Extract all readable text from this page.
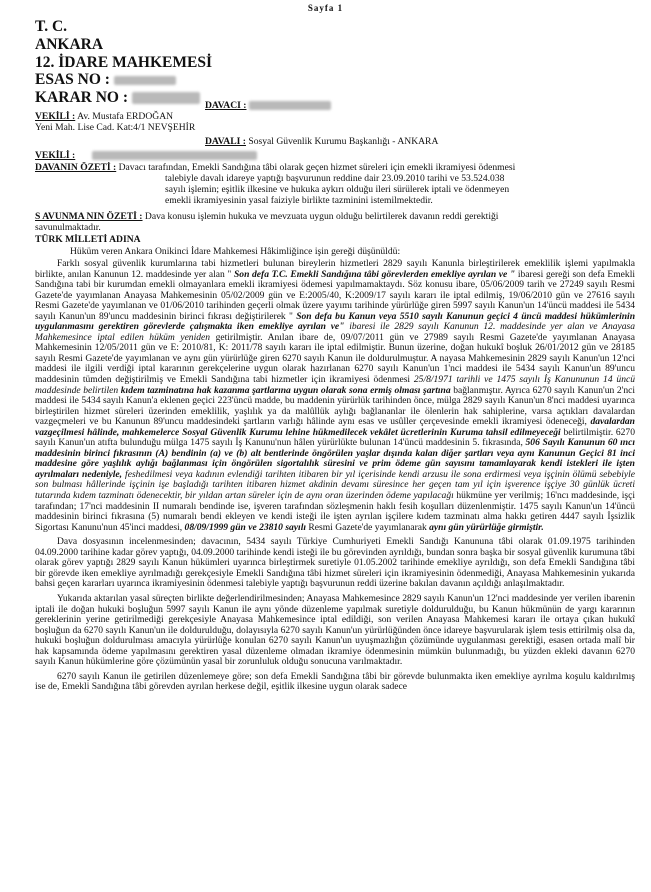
Sayfa 1
T. C.
ANKARA
12. İDARE MAHKEMESİ
ESAS NO :
KARAR NO :	DAVACI :
VEKİLİ : Av. Mustafa ERDOĞAN
Yeni Mah. Lise Cad. Kat:4/1 NEVŞEHİR
DAVALI : Sosyal Güvenlik Kurumu Başkanlığı - ANKARA
VEKİLİ :
DAVANIN ÖZETİ : Davacı tarafından, Emekli Sandığına tâbi olarak geçen hizmet süreleri için emekli ikramiyesi ödenmesi
talebiyle davalı idareye yaptığı başvurunun reddine dair 23.09.2010 tarihi ve 53.524.038
sayılı işlemin; eşitlik ilkesine ve hukuka aykırı olduğu ileri sürülerek iptali ve ödenmeyen
emekli ikramiyesinin yasal faiziyle birlikte tazminini istemilmektedir.
S AVUNMA NIN ÖZETİ : Dava konusu işlemin hukuka ve mevzuata uygun olduğu belirtilerek davanın reddi gerektiği
savunulmaktadır.
TÜRK MİLLETİ ADINA
Hüküm veren Ankara Onikinci İdare Mahkemesi Hâkimliğince işin gereği düşünüldü:

Farklı sosyal güvenlik kurumlarına tabi hizmetleri bulunan bireylerin hizmetleri 2829 sayılı Kanunla birleştirilerek emeklilik işlemi yapılmakla birlikte, anılan Kanunun 12. maddesinde yer alan " Son defa T.C. Emekli Sandığına tâbi görevlerden emekliye ayrılan ve " ibaresi gereği son defa Emekli Sandığına tabi bir kurumdan emekli olmayanlara emekli ikramiyesi ödemesi yapılmamaktaydı. Söz konusu ibare, 05/06/2009 tarih ve 27249 sayılı Resmi Gazete'de yayımlanan Anayasa Mahkemesinin 05/02/2009 gün ve E:2005/40, K:2009/17 sayılı kararı ile iptal edilmiş, 19/06/2010 gün ve 27616 sayılı Resmi Gazete'de yayımlanan ve 01/06/2010 tarihinden geçerli olmak üzere yayımı tarihinde yürürlüğe giren 5997 sayılı Kanun'un 14'üncü maddesi ile 5434 sayılı Kanun'un 89'uncu maddesinin birinci fıkrası değiştirilerek " Son defa bu Kanun veya 5510 sayılı Kanunun geçici 4 üncü maddesi hükümlerinin uygulanmasını gerektiren görevlerde çalışmakta iken emekliye ayrılan ve" ibaresi ile 2829 sayılı Kanunun 12. maddesinde yer alan ve Anayasa Mahkemesince iptal edilen hüküm yeniden getirilmiştir. Anılan ibare de, 09/07/2011 gün ve 27989 sayılı Resmi Gazete'de yayımlanan Anayasa Mahkemesinin 12/05/2011 gün ve E: 2010/81, K: 2011/78 sayılı kararı ile iptal edilmiştir. Bunun üzerine, doğan hukukî boşluk 26/01/2012 gün ve 28185 sayılı Resmi Gazete'de yayımlanan ve aynı gün yürürlüğe giren 6270 sayılı Kanun ile doldurulmuştur. A nayasa Mahkemesinin 2829 sayılı Kanun'un 12'nci maddesi ile ilgili verdiği iptal kararının gerekçelerine uygun olarak hazırlanan 6270 sayılı Kanun'un 1'nci maddesi ile 5434 sayılı Kanun'un 89'uncu maddesinin tümden değiştirilmiş ve Emekli Sandığına tabi hizmetler için ikramiyesi ödenmesi 25/8/1971 tarihli ve 1475 sayılı İş Kanununun 14 üncü maddesinde belirtilen kıdem tazminatına hak kazanma şartlarına uygun olarak sona ermiş olması şartına bağlanmıştır. Ayrıca 6270 sayılı Kanun'un 2'nci maddesi ile 5434 sayılı Kanun'a eklenen geçici 223'üncü madde, bu maddenin yürürlük tarihinden önce, mülga 2829 sayılı Kanun'un 8'nci maddesi uyarınca birleştirilen hizmet süreleri üzerinden emeklilik, yaşlılık ya da malûllük aylığı bağlananlar ile ölenlerin hak sahiplerine, varsa açtıkları davalardan vazgeçmeleri ve bu Kanunun 89'uncu maddesindeki şartların varlığı hâlinde aynı esas ve usûller çerçevesinde emekli ikramiyesi ödeneceği, davalardan vazgeçilmesi hâlinde, mahkemelerce Sosyal Güvenlik Kurumu lehine hükmedilecek vekâlet ücretlerinin Kuruma tahsil edilmeyeceği belirtilmiştir. 6270 sayılı Kanun'un atıfta bulunduğu mülga 1475 sayılı İş Kanunu'nun hâlen yürürlükte bulunan 14'üncü maddesinin 5. fıkrasında, 506 Sayılı Kanunun 60 ıncı maddesinin birinci fıkrasının (A) bendinin (a) ve (b) alt bentlerinde öngörülen yaşlar dışında kalan diğer şartları veya aynı Kanunun Geçici 81 inci maddesine göre yaşlılık aylığı bağlanması için öngörülen sigortalılık süresini ve prim ödeme gün sayısını tamamlayarak kendi istekleri ile işten ayrılmaları nedeniyle, feshedilmesi veya kadının evlendiği tarihten itibaren bir yıl içerisinde kendi arzusu ile sona erdirmesi veya işçinin ölümü sebebiyle son bulması hâllerinde işçinin işe başladığı tarihten itibaren hizmet akdinin devamı süresince her geçen tam yıl için işverence işçiye 30 günlük ücreti tutarında kıdem tazminatı ödenecektir, bir yıldan artan süreler için de aynı oran üzerinden ödeme yapılacağı hükmüne yer verilmiş; 16'ncı maddesinde, işçi tarafından; 17'nci maddesinin II numaralı bendinde ise, işveren tarafından sözleşmenin haklı fesih koşulları düzenlenmiştir. 1475 sayılı Kanun'un 14'üncü maddesinin birinci fıkrasına (5) numaralı bendi ekleyen ve kendi isteği ile işten ayrılan işçilere kıdem tazminatı alma hakkı getiren 4447 sayılı İşsizlik Sigortası Kanunu'nun 45'inci maddesi, 08/09/1999 gün ve 23810 sayılı Resmi Gazete'de yayımlanarak aynı gün yürürlüğe girmiştir.

Dava dosyasının incelenmesinden; davacının, 5434 sayılı Türkiye Cumhuriyeti Emekli Sandığı Kanununa tâbi olarak 01.09.1975 tarihinden 04.09.2000 tarihine kadar görev yaptığı, 04.09.2000 tarihinde kendi isteği ile bu görevinden ayrıldığı, bundan sonra başka bir sosyal güvenlik kurumuna tâbi olarak görev yaptığı 2829 sayılı Kanun hükümleri uyarınca birleştirmek suretiyle 01.05.2002 tarihinde emekliye ayrıldığı, son defa Emekli Sandığına tâbi bir görevde iken emekliye ayrılmadığı gerekçesiyle Emekli Sandığına tâbi hizmet süreleri için ikramiyesinin ödenmediği, Anayasa Mahkemesinin yukarıda bahsi geçen kararları uyarınca ikramiyesinin ödenmesi talebiyle yaptığı başvurunun reddi üzerine bakılan davanın açıldığı anlaşılmaktadır.

Yukarıda aktarılan yasal süreçten birlikte değerlendirilmesinden; Anayasa Mahkemesince 2829 sayılı Kanun'un 12'nci maddesinde yer verilen ibarenin iptali ile doğan hukuki boşluğun 5997 sayılı Kanun ile aynı yönde düzenleme yapılmak suretiyle doldurulduğu, bu Kanun hükmünün de yargı kararının gereklerinin yerine getirilmediği gerekçesiyle Anayasa Mahkemesince iptal edildiği, son verilen Anayasa Mahkemesi kararı ile ortaya çıkan hukukî boşluğun da 6270 sayılı Kanun'un ile doldurulduğu, dolayısıyla 6270 sayılı Kanun'un yürürlüğünden önce idareye başvurularak işlem tesis ettirilmiş olsa da, hukuki boşluğun doldurulması amacıyla yürürlüğe konulan 6270 sayılı Kanun'un uyuşmazlığın çözümünde uygulanması gerektiği, esasen ortada malî bir hak kapsamında ödeme yapılmasını gerektiren yasal düzenleme olmadan ikramiye ödenmesinin mümkün bulunmadığı, bu yüzden ekleki davanın 6270 sayılı Kanun hükümlerine göre çözümünün yasal bir zorunluluk olduğu sonucuna varılmaktadır.

6270 sayılı Kanun ile getirilen düzenlemeye göre; son defa Emekli Sandığına tâbi bir görevde bulunmakta iken emekliye ayrılma koşulu kaldırılmış ise de, Emekli Sandığına tâbi görevden ayrılan herkese değil, eşitlik ilkesine uygun olarak sadece
